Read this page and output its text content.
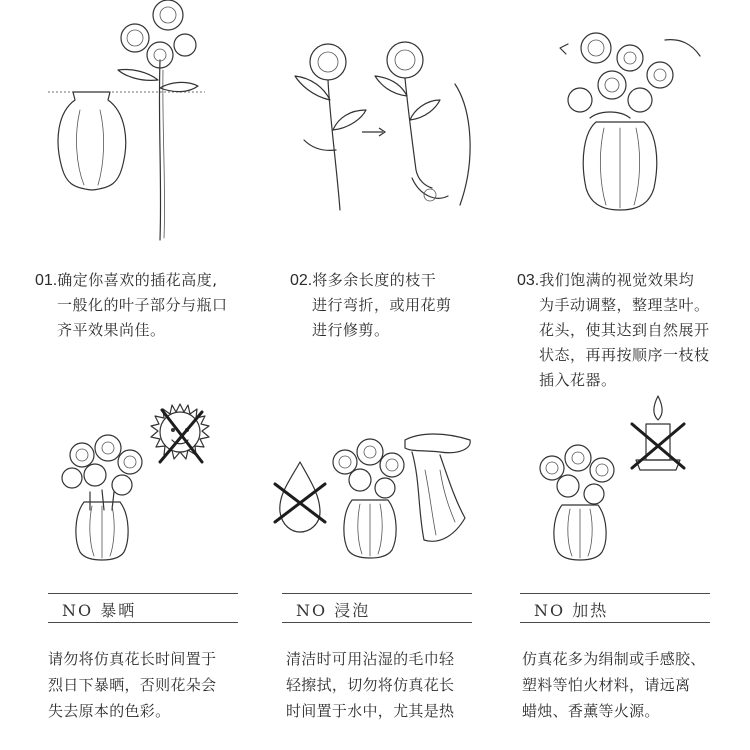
01.确定你喜欢的插花高度,
一般化的叶子部分与瓶口
齐平效果尚佳。
02.将多余长度的枝干
进行弯折，或用花剪
进行修剪。
03.我们饱满的视觉效果均
为手动调整，整理茎叶。
花头，使其达到自然展开
状态，再再按顺序一枝枝
插入花器。
NO 暴晒	NO 浸泡	NO 加热
请勿将仿真花长时间置于
烈日下暴晒，否则花朵会
失去原本的色彩。
清洁时可用沾湿的毛巾轻
轻擦拭，切勿将仿真花长
时间置于水中，尤其是热
仿真花多为绢制或手感胶、
塑料等怕火材料，请远离
蜡烛、香薰等火源。
